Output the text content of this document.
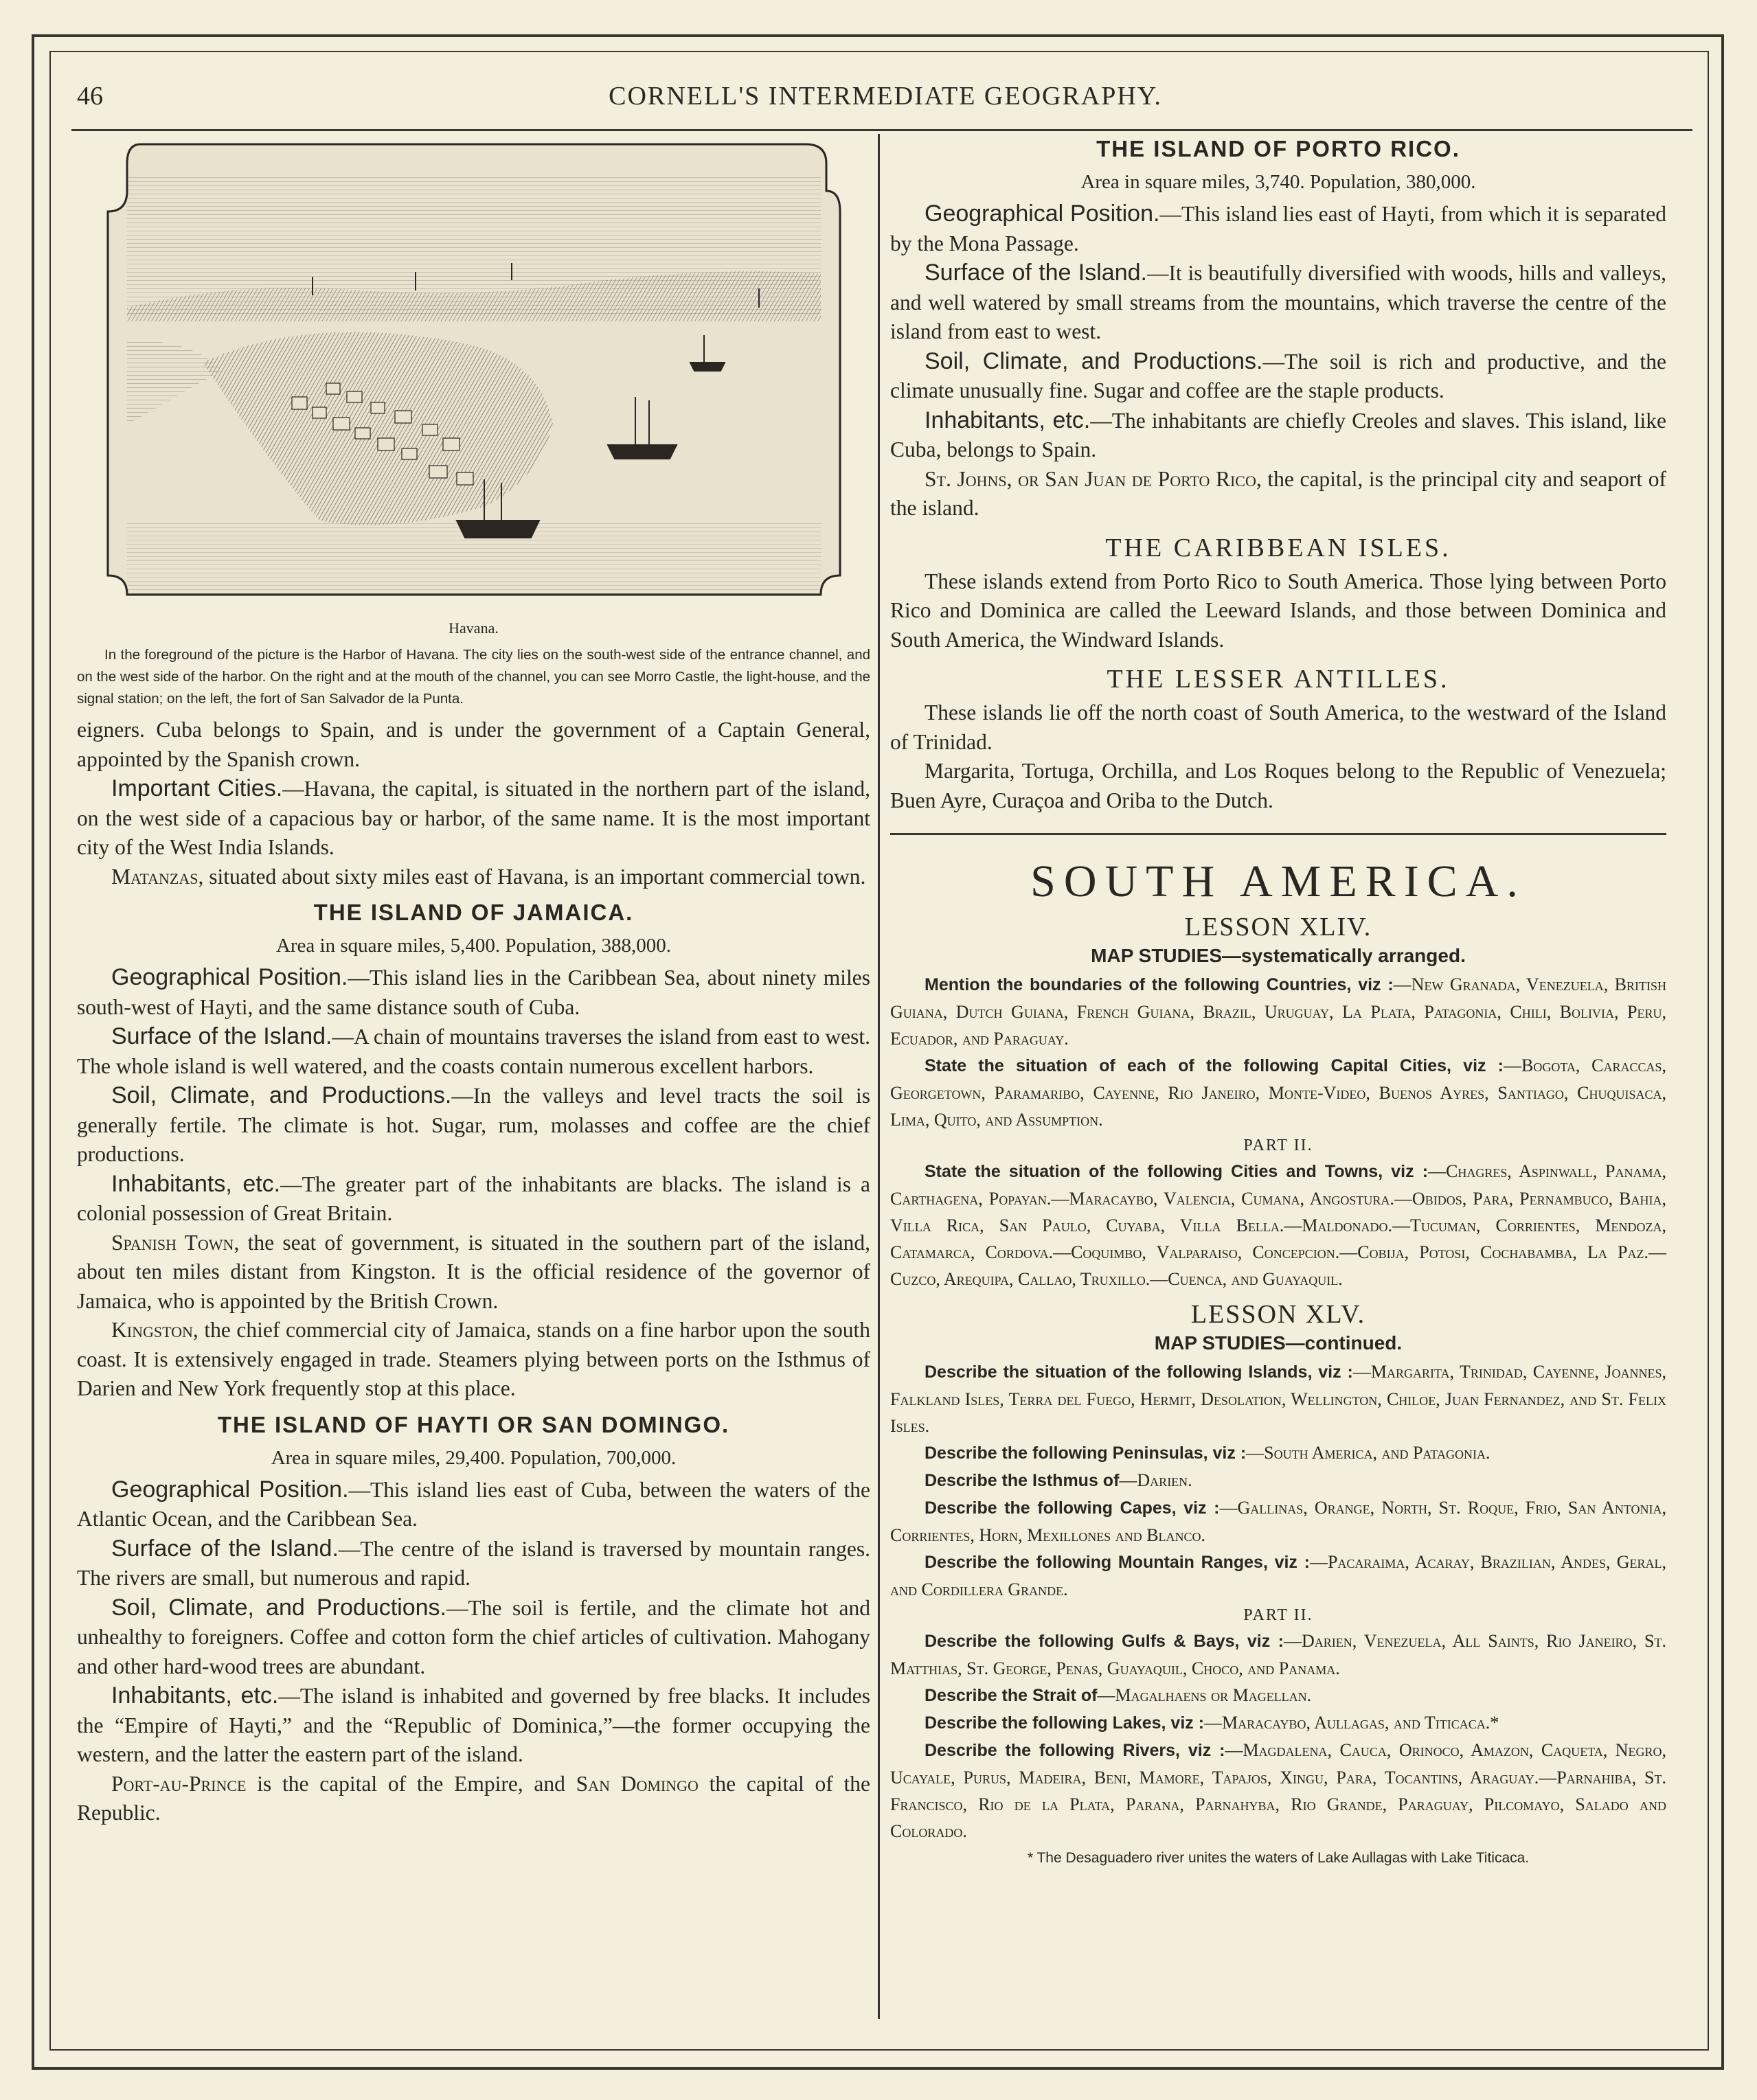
46	CORNELL'S INTERMEDIATE GEOGRAPHY.
Havana.
In the foreground of the picture is the Harbor of Havana. The city lies on the south-west side of the entrance channel, and on the west side of the harbor. On the right and at the mouth of the channel, you can see Morro Castle, the light-house, and the signal station; on the left, the fort of San Salvador de la Punta.

eigners. Cuba belongs to Spain, and is under the government of a Captain General, appointed by the Spanish crown.

Important Cities.—Havana, the capital, is situated in the northern part of the island, on the west side of a capacious bay or harbor, of the same name. It is the most important city of the West India Islands.

Matanzas, situated about sixty miles east of Havana, is an important commercial town.

THE ISLAND OF JAMAICA.
Area in square miles, 5,400. Population, 388,000.

Geographical Position.—This island lies in the Caribbean Sea, about ninety miles south-west of Hayti, and the same distance south of Cuba.

Surface of the Island.—A chain of mountains traverses the island from east to west. The whole island is well watered, and the coasts contain numerous excellent harbors.

Soil, Climate, and Productions.—In the valleys and level tracts the soil is generally fertile. The climate is hot. Sugar, rum, molasses and coffee are the chief productions.

Inhabitants, etc.—The greater part of the inhabitants are blacks. The island is a colonial possession of Great Britain.

Spanish Town, the seat of government, is situated in the southern part of the island, about ten miles distant from Kingston. It is the official residence of the governor of Jamaica, who is appointed by the British Crown.

Kingston, the chief commercial city of Jamaica, stands on a fine harbor upon the south coast. It is extensively engaged in trade. Steamers plying between ports on the Isthmus of Darien and New York frequently stop at this place.

THE ISLAND OF HAYTI OR SAN DOMINGO.
Area in square miles, 29,400. Population, 700,000.

Geographical Position.—This island lies east of Cuba, between the waters of the Atlantic Ocean, and the Caribbean Sea.

Surface of the Island.—The centre of the island is traversed by mountain ranges. The rivers are small, but numerous and rapid.

Soil, Climate, and Productions.—The soil is fertile, and the climate hot and unhealthy to foreigners. Coffee and cotton form the chief articles of cultivation. Mahogany and other hard-wood trees are abundant.

Inhabitants, etc.—The island is inhabited and governed by free blacks. It includes the “Empire of Hayti,” and the “Republic of Dominica,”—the former occupying the western, and the latter the eastern part of the island.

Port-au-Prince is the capital of the Empire, and San Domingo the capital of the Republic.

THE ISLAND OF PORTO RICO.
Area in square miles, 3,740. Population, 380,000.

Geographical Position.—This island lies east of Hayti, from which it is separated by the Mona Passage.

Surface of the Island.—It is beautifully diversified with woods, hills and valleys, and well watered by small streams from the mountains, which traverse the centre of the island from east to west.

Soil, Climate, and Productions.—The soil is rich and productive, and the climate unusually fine. Sugar and coffee are the staple products.

Inhabitants, etc.—The inhabitants are chiefly Creoles and slaves. This island, like Cuba, belongs to Spain.

St. Johns, or San Juan de Porto Rico, the capital, is the principal city and seaport of the island.

THE CARIBBEAN ISLES.

These islands extend from Porto Rico to South America. Those lying between Porto Rico and Dominica are called the Leeward Islands, and those between Dominica and South America, the Windward Islands.

THE LESSER ANTILLES.

These islands lie off the north coast of South America, to the westward of the Island of Trinidad.

Margarita, Tortuga, Orchilla, and Los Roques belong to the Republic of Venezuela; Buen Ayre, Curaçoa and Oriba to the Dutch.

SOUTH AMERICA.
LESSON XLIV.
MAP STUDIES—systematically arranged.

Mention the boundaries of the following Countries, viz :—New Granada, Venezuela, British Guiana, Dutch Guiana, French Guiana, Brazil, Uruguay, La Plata, Patagonia, Chili, Bolivia, Peru, Ecuador, and Paraguay.

State the situation of each of the following Capital Cities, viz :—Bogota, Caraccas, Georgetown, Paramaribo, Cayenne, Rio Janeiro, Monte-Video, Buenos Ayres, Santiago, Chuquisaca, Lima, Quito, and Assumption.

PART II.

State the situation of the following Cities and Towns, viz :—Chagres, Aspinwall, Panama, Carthagena, Popayan.—Maracaybo, Valencia, Cumana, Angostura.—Obidos, Para, Pernambuco, Bahia, Villa Rica, San Paulo, Cuyaba, Villa Bella.—Maldonado.—Tucuman, Corrientes, Mendoza, Catamarca, Cordova.—Coquimbo, Valparaiso, Concepcion.—Cobija, Potosi, Cochabamba, La Paz.—Cuzco, Arequipa, Callao, Truxillo.—Cuenca, and Guayaquil.

LESSON XLV.
MAP STUDIES—continued.

Describe the situation of the following Islands, viz :—Margarita, Trinidad, Cayenne, Joannes, Falkland Isles, Terra del Fuego, Hermit, Desolation, Wellington, Chiloe, Juan Fernandez, and St. Felix Isles.

Describe the following Peninsulas, viz :—South America, and Patagonia.

Describe the Isthmus of—Darien.

Describe the following Capes, viz :—Gallinas, Orange, North, St. Roque, Frio, San Antonia, Corrientes, Horn, Mexillones and Blanco.

Describe the following Mountain Ranges, viz :—Pacaraima, Acaray, Brazilian, Andes, Geral, and Cordillera Grande.

PART II.

Describe the following Gulfs & Bays, viz :—Darien, Venezuela, All Saints, Rio Janeiro, St. Matthias, St. George, Penas, Guayaquil, Choco, and Panama.

Describe the Strait of—Magalhaens or Magellan.

Describe the following Lakes, viz :—Maracaybo, Aullagas, and Titicaca.*

Describe the following Rivers, viz :—Magdalena, Cauca, Orinoco, Amazon, Caqueta, Negro, Ucayale, Purus, Madeira, Beni, Mamore, Tapajos, Xingu, Para, Tocantins, Araguay.—Parnahiba, St. Francisco, Rio de la Plata, Parana, Parnahyba, Rio Grande, Paraguay, Pilcomayo, Salado and Colorado.

* The Desaguadero river unites the waters of Lake Aullagas with Lake Titicaca.
